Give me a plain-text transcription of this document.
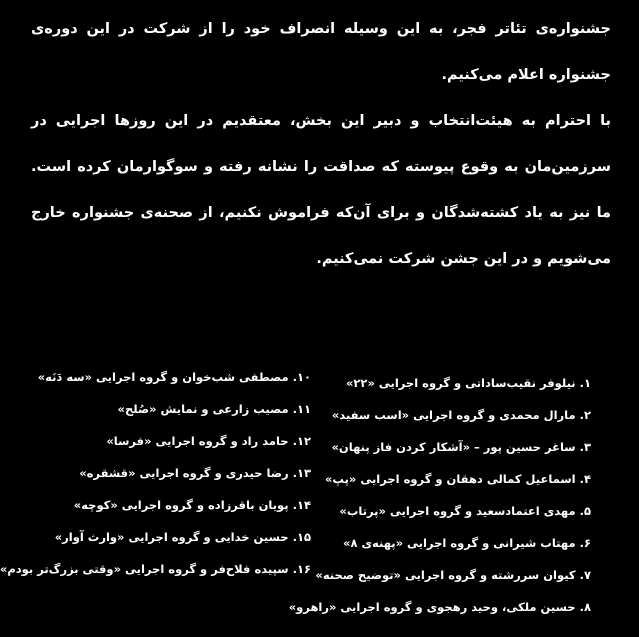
جشنواره‌ی تئاتر فجر، به این وسیله انصراف خود را از شرکت در این دوره‌ی جشنواره اعلام می‌کنیم.

با احترام به هیئت‌انتخاب و دبیر این بخش، معتقدیم در این روزها اجرایی در سرزمین‌مان به وقوع پیوسته که صداقت را نشانه رفته و سوگوارمان کرده است. ما نیز به یاد کشته‌شدگان و برای آن‌که فراموش نکنیم، از صحنه‌ی جشنواره خارج می‌شویم و در این جشن شرکت نمی‌کنیم.

۱. نیلوفر نقیب‌ساداتی و گروه اجرایی «۲۲»
۲. مارال محمدی و گروه اجرایی «اسب سفید»
۳. ساغر حسین پور – «آشکار کردن فاز پنهان»
۴. اسماعیل کمالی دهقان و گروه اجرایی «پپ»
۵. مهدی اعتمادسعید و گروه اجرایی «پرتاب»
۶. مهتاب شیرانی و گروه اجرایی «پهنه‌ی ۸»
۷. کیوان سررشته و گروه اجرایی «توضیح صحنه»
۸. حسین ملکی، وحید رهجوی و گروه اجرایی «راهرو»
۱۰. مصطفی شب‌خوان و گروه اجرایی «سه دَنَه»
۱۱. مصیب زارعی و نمایش «صُلح»
۱۲. حامد راد و گروه اجرایی «فرسا»
۱۳. رضا حیدری و گروه اجرایی «قشقره»
۱۴. پویان باقرزاده و گروه اجرایی «کوچه»
۱۵. حسین خدایی و گروه اجرایی «وارث آوار»
۱۶. سپیده فلاح‌فر و گروه اجرایی «وقتی بزرگ‌تر بودم»
